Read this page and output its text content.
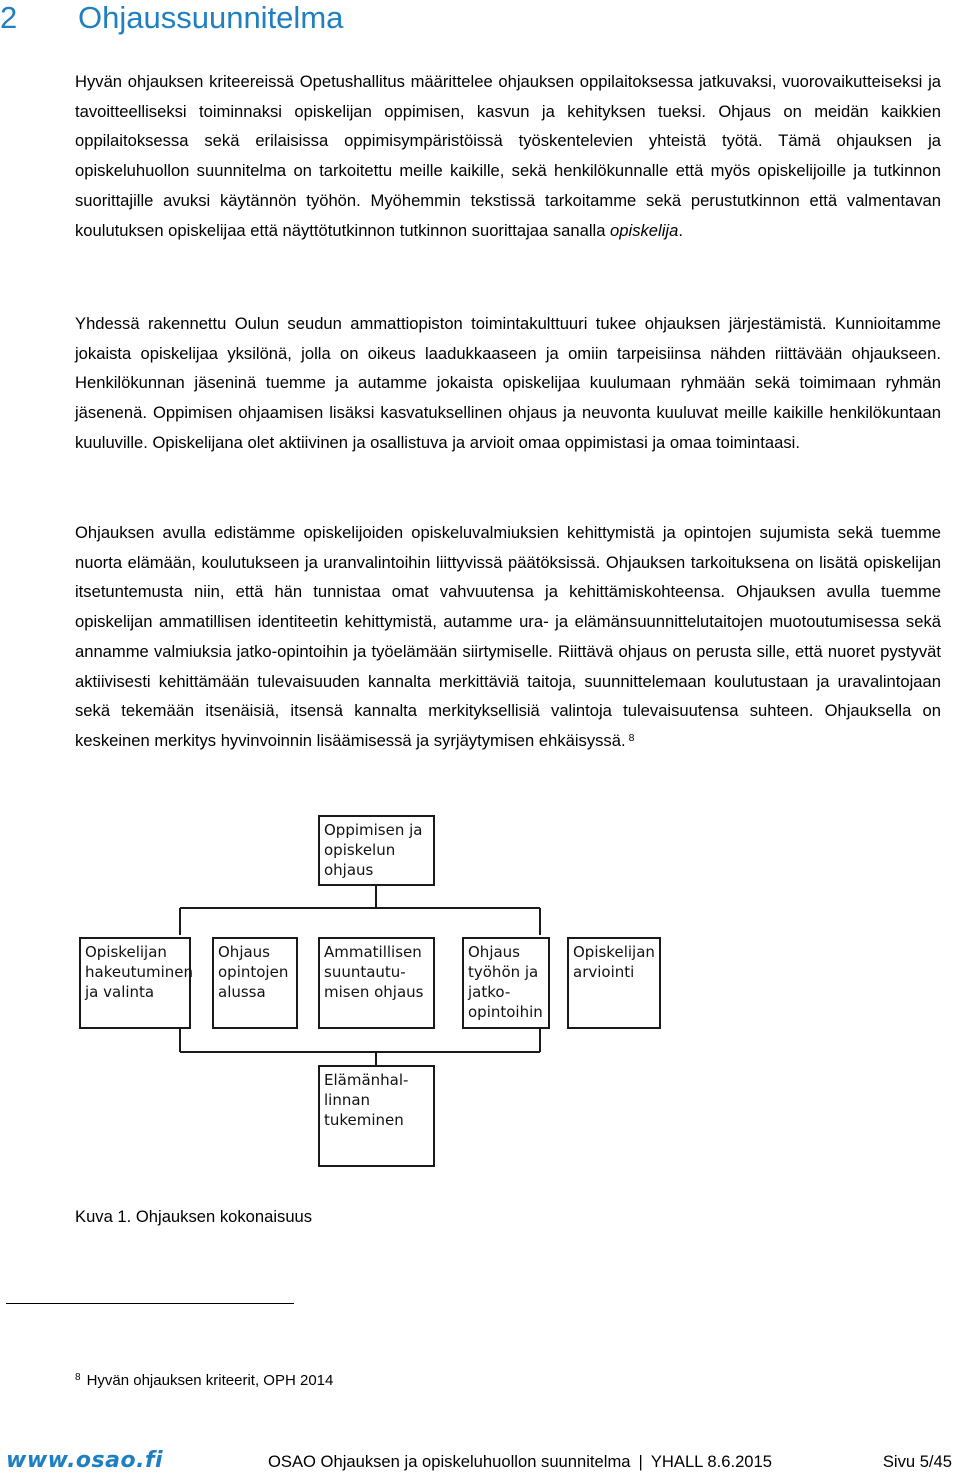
2 Ohjaussuunnitelma

Hyvän ohjauksen kriteereissä Opetushallitus määrittelee ohjauksen oppilaitoksessa jatkuvaksi, vuorovaikutteiseksi ja tavoitteelliseksi toiminnaksi opiskelijan oppimisen, kasvun ja kehityksen tueksi. Ohjaus on meidän kaikkien oppilaitoksessa sekä erilaisissa oppimisympäristöissä työskentelevien yhteistä työtä. Tämä ohjauksen ja opiskeluhuollon suunnitelma on tarkoitettu meille kaikille, sekä henkilökunnalle että myös opiskelijoille ja tutkinnon suorittajille avuksi käytännön työhön. Myöhemmin tekstissä tarkoitamme sekä perustutkinnon että valmentavan koulutuksen opiskelijaa että näyttötutkinnon tutkinnon suorittajaa sanalla opiskelija.

Yhdessä rakennettu Oulun seudun ammattiopiston toimintakulttuuri tukee ohjauksen järjestämistä. Kunnioitamme jokaista opiskelijaa yksilönä, jolla on oikeus laadukkaaseen ja omiin tarpeisiinsa nähden riittävään ohjaukseen. Henkilökunnan jäseninä tuemme ja autamme jokaista opiskelijaa kuulumaan ryhmään sekä toimimaan ryhmän jäsenenä. Oppimisen ohjaamisen lisäksi kasvatuksellinen ohjaus ja neuvonta kuuluvat meille kaikille henkilökuntaan kuuluville. Opiskelijana olet aktiivinen ja osallistuva ja arvioit omaa oppimistasi ja omaa toimintaasi.

Ohjauksen avulla edistämme opiskelijoiden opiskeluvalmiuksien kehittymistä ja opintojen sujumista sekä tuemme nuorta elämään, koulutukseen ja uranvalintoihin liittyvissä päätöksissä. Ohjauksen tarkoituksena on lisätä opiskelijan itsetuntemusta niin, että hän tunnistaa omat vahvuutensa ja kehittämiskohteensa. Ohjauksen avulla tuemme opiskelijan ammatillisen identiteetin kehittymistä, autamme ura- ja elämänsuunnittelutaitojen muotoutumisessa sekä annamme valmiuksia jatko-opintoihin ja työelämään siirtymiselle. Riittävä ohjaus on perusta sille, että nuoret pystyvät aktiivisesti kehittämään tulevaisuuden kannalta merkittäviä taitoja, suunnittelemaan koulutustaan ja uravalintojaan sekä tekemään itsenäisiä, itsensä kannalta merkityksellisiä valintoja tulevaisuutensa suhteen. Ohjauksella on keskeinen merkitys hyvinvoinnin lisäämisessä ja syrjäytymisen ehkäisyssä. $^8$

Oppimisen ja
opiskelun
ohjaus
Opiskelijan
hakeutuminen
ja valinta
Ohjaus
opintojen
alussa
Ammatillisen
suuntautu-
misen ohjaus
Ohjaus
työhön ja
jatko-
opintoihin
Opiskelijan
arviointi
Elämänhal-
linnan
tukeminen

Kuva 1. Ohjauksen kokonaisuus

$^8$ Hyvän ohjauksen kriteerit, OPH 2014

www.osao.fi	OSAO Ohjauksen ja opiskeluhuollon suunnitelma | YHALL 8.6.2015	Sivu 5/45
